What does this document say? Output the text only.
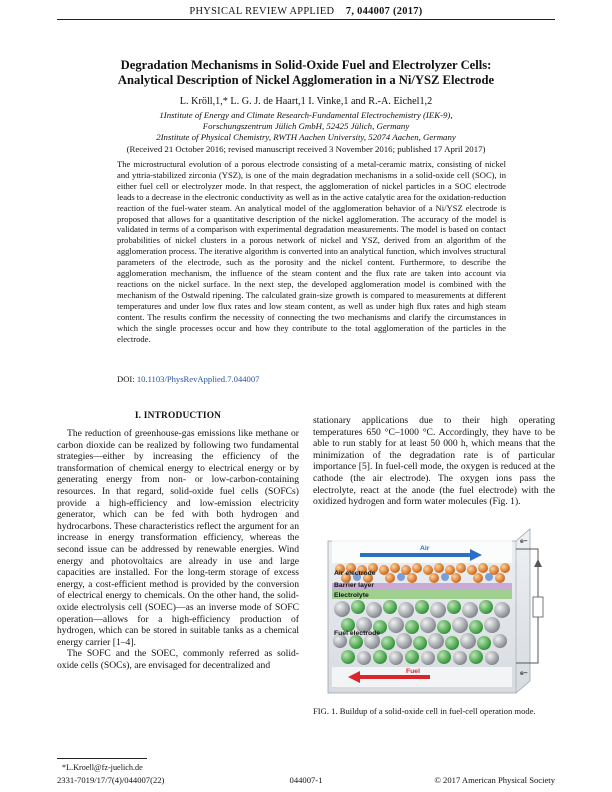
PHYSICAL REVIEW APPLIED 7, 044007 (2017)
Degradation Mechanisms in Solid-Oxide Fuel and Electrolyzer Cells:
Analytical Description of Nickel Agglomeration in a Ni/YSZ Electrode
L. Kröll,1,* L. G. J. de Haart,1 I. Vinke,1 and R.-A. Eichel1,2
1Institute of Energy and Climate Research-Fundamental Electrochemistry (IEK-9),
Forschungszentrum Jülich GmbH, 52425 Jülich, Germany
2Institute of Physical Chemistry, RWTH Aachen University, 52074 Aachen, Germany
(Received 21 October 2016; revised manuscript received 3 November 2016; published 17 April 2017)

The microstructural evolution of a porous electrode consisting of a metal-ceramic matrix, consisting of nickel and yttria-stabilized zirconia (YSZ), is one of the main degradation mechanisms in a solid-oxide cell (SOC), in either fuel cell or electrolyzer mode. In that respect, the agglomeration of nickel particles in a SOC electrode leads to a decrease in the electronic conductivity as well as in the active catalytic area for the oxidation-reduction reaction of the fuel-water steam. An analytical model of the agglomeration behavior of a Ni/YSZ electrode is proposed that allows for a quantitative description of the nickel agglomeration. The accuracy of the model is validated in terms of a comparison with experimental degradation measurements. The model is based on contact probabilities of nickel clusters in a porous network of nickel and YSZ, derived from an algorithm of the agglomeration process. The iterative algorithm is converted into an analytical function, which involves structural parameters of the electrode, such as the porosity and the nickel content. Furthermore, to describe the agglomeration mechanism, the influence of the steam content and the flux rate are taken into account via reactions on the nickel surface. In the next step, the developed agglomeration model is combined with the mechanism of the Ostwald ripening. The calculated grain-size growth is compared to measurements at different temperatures and under low flux rates and low steam content, as well as under high flux rates and high steam content. The results confirm the necessity of connecting the two mechanisms and clarify the circumstances in which the single processes occur and how they contribute to the total agglomeration of the particles in the electrode.

DOI: 10.1103/PhysRevApplied.7.044007
I. INTRODUCTION

The reduction of greenhouse-gas emissions like methane or carbon dioxide can be realized by following two fundamental strategies—either by increasing the efficiency of the transformation of chemical energy to electrical energy or by generating energy from non- or low-carbon-containing resources. In that regard, solid-oxide fuel cells (SOFCs) provide a high-efficiency and low-emission electricity generator, which can be fed with both hydrogen and hydrocarbons. These characteristics reflect the argument for an increase in energy transformation efficiency, whereas the second issue can be addressed by renewable energies. Wind energy and photovoltaics are already in use and large capacities are installed. For the long-term storage of excess energy, a cost-efficient method is provided by the conversion of electrical energy to chemicals. On the other hand, the solid-oxide electrolysis cell (SOEC)—as an inverse mode of SOFC operation—allows for a high-efficiency production of hydrogen, which can be stored in suitable tanks as a chemical energy carrier [1–4].

The SOFC and the SOEC, commonly referred as solid-oxide cells (SOCs), are envisaged for decentralized and

stationary applications due to their high operating temperatures 650 °C–1000 °C. Accordingly, they have to be able to run stably for at least 50 000 h, which means that the minimization of the degradation rate is of particular importance [5]. In fuel-cell mode, the oxygen is reduced at the cathode (the air electrode). The oxygen ions pass the electrolyte, react at the anode (the fuel electrode) with the oxidized hydrogen and form water molecules (Fig. 1).

Air
Air electrode
Barrier layer
Electrolyte
Fuel electrode
Fuel
e−
e−
FIG. 1. Buildup of a solid-oxide cell in fuel-cell operation mode.
*L.Kroell@fz-juelich.de
2331-7019/17/7(4)/044007(22)	044007-1	© 2017 American Physical Society
